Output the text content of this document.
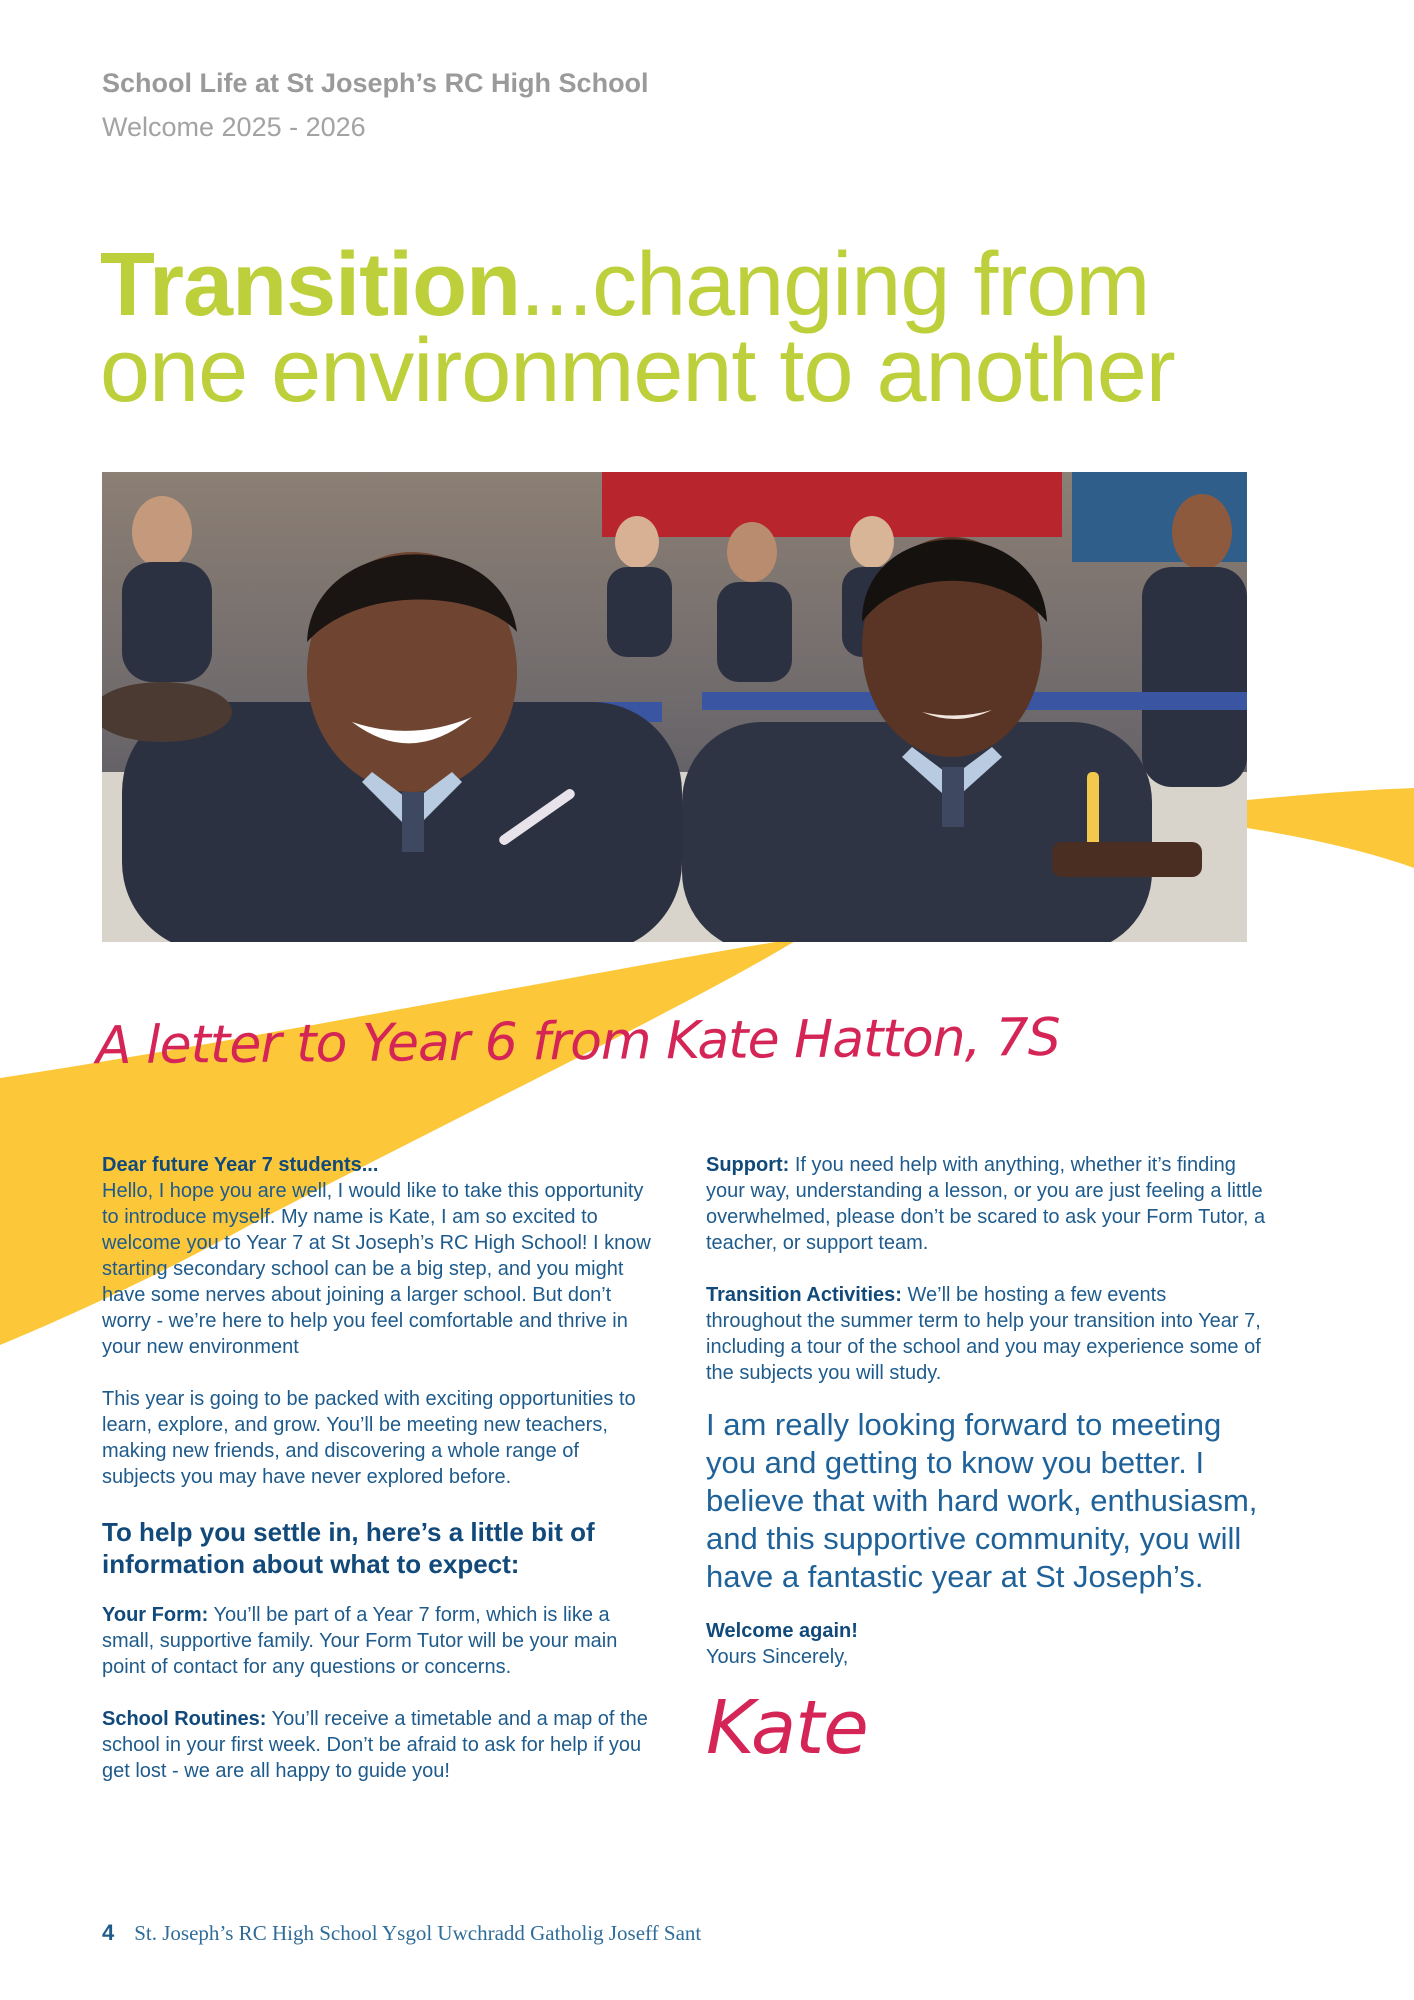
School Life at St Joseph’s RC High School
Welcome 2025 - 2026
Transition...changing from
one environment to another
A letter to Year 6 from Kate Hatton, 7S

Dear future Year 7 students...
Hello, I hope you are well, I would like to take this opportunity to introduce myself. My name is Kate, I am so excited to welcome you to Year 7 at St Joseph’s RC High School! I know starting secondary school can be a big step, and you might have some nerves about joining a larger school. But don’t worry - we’re here to help you feel comfortable and thrive in your new environment

This year is going to be packed with exciting opportunities to learn, explore, and grow. You’ll be meeting new teachers, making new friends, and discovering a whole range of subjects you may have never explored before.

To help you settle in, here’s a little bit of information about what to expect:

Your Form: You’ll be part of a Year 7 form, which is like a small, supportive family. Your Form Tutor will be your main point of contact for any questions or concerns.

School Routines: You’ll receive a timetable and a map of the school in your first week. Don’t be afraid to ask for help if you get lost - we are all happy to guide you!

Support: If you need help with anything, whether it’s finding your way, understanding a lesson, or you are just feeling a little overwhelmed, please don’t be scared to ask your Form Tutor, a teacher, or support team.

Transition Activities: We’ll be hosting a few events throughout the summer term to help your transition into Year 7, including a tour of the school and you may experience some of the subjects you will study.

I am really looking forward to meeting you and getting to know you better. I believe that with hard work, enthusiasm, and this supportive community, you will have a fantastic year at St Joseph’s.
Welcome again!
Yours Sincerely,
Kate
4 St. Joseph’s RC High School Ysgol Uwchradd Gatholig Joseff Sant
